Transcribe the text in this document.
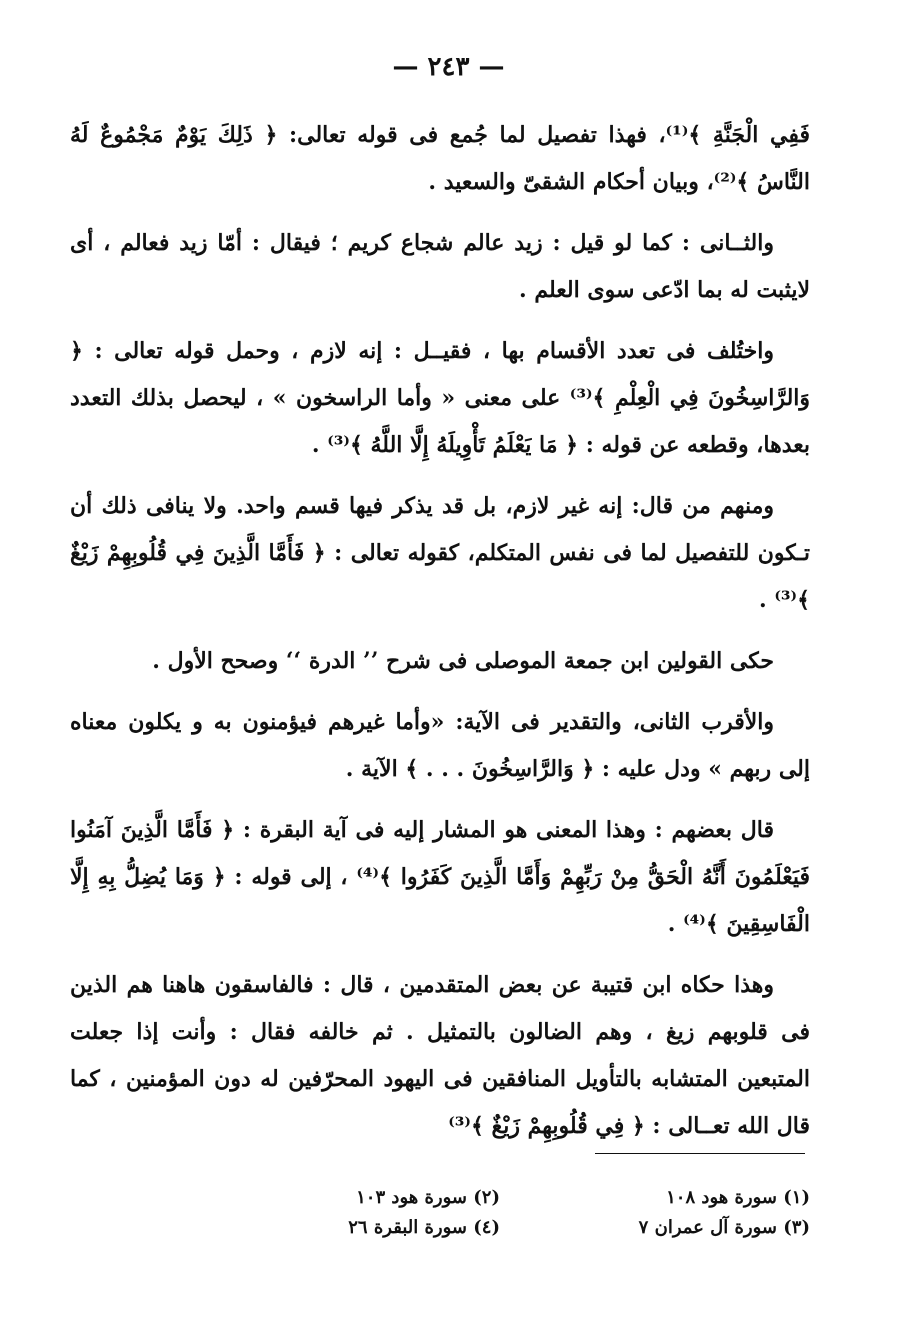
— ٢٤٣ —

فَفِي الْجَنَّةِ ﴾⁽¹⁾، فهذا تفصيل لما جُمع فى قوله تعالى: ﴿ ذَلِكَ يَوْمٌ مَجْمُوعٌ لَهُ النَّاسُ ﴾⁽²⁾، وبيان أحكام الشقىّ والسعيد .

والثــانى : كما لو قيل : زيد عالم شجاع كريم ؛ فيقال : أمّا زيد فعالم ، أى لايثبت له بما ادّعى سوى العلم .

واختُلف فى تعدد الأقسام بها ، فقيــل : إنه لازم ، وحمل قوله تعالى : ﴿ وَالرَّاسِخُونَ فِي الْعِلْمِ ﴾⁽³⁾ على معنى « وأما الراسخون » ، ليحصل بذلك التعدد بعدها، وقطعه عن قوله : ﴿ مَا يَعْلَمُ تَأْوِيلَهُ إِلَّا اللَّهُ ﴾⁽³⁾ .

ومنهم من قال: إنه غير لازم، بل قد يذكر فيها قسم واحد. ولا ينافى ذلك أن تـكون للتفصيل لما فى نفس المتكلم، كقوله تعالى : ﴿ فَأَمَّا الَّذِينَ فِي قُلُوبِهِمْ زَيْغٌ ﴾⁽³⁾ .

حكى القولين ابن جمعة الموصلى فى شرح ’’ الدرة ‘‘ وصحح الأول .

والأقرب الثانى، والتقدير فى الآية: «وأما غيرهم فيؤمنون به و يكلون معناه إلى ربهم » ودل عليه : ﴿ وَالرَّاسِخُونَ . . . ﴾ الآية .

قال بعضهم : وهذا المعنى هو المشار إليه فى آية البقرة : ﴿ فَأَمَّا الَّذِينَ آمَنُوا فَيَعْلَمُونَ أَنَّهُ الْحَقُّ مِنْ رَبِّهِمْ وَأَمَّا الَّذِينَ كَفَرُوا ﴾⁽⁴⁾ ، إلى قوله : ﴿ وَمَا يُضِلُّ بِهِ إِلَّا الْفَاسِقِينَ ﴾⁽⁴⁾ .

وهذا حكاه ابن قتيبة عن بعض المتقدمين ، قال : فالفاسقون هاهنا هم الذين فى قلوبهم زيغ ، وهم الضالون بالتمثيل . ثم خالفه فقال : وأنت إذا جعلت المتبعين المتشابه بالتأويل المنافقين فى اليهود المحرّفين له دون المؤمنين ، كما قال الله تعــالى : ﴿ فِي قُلُوبِهِمْ زَيْغٌ ﴾⁽³⁾

(١) سورة هود ١٠٨
(٢) سورة هود ١٠٣
(٣) سورة آل عمران ٧
(٤) سورة البقرة ٢٦
